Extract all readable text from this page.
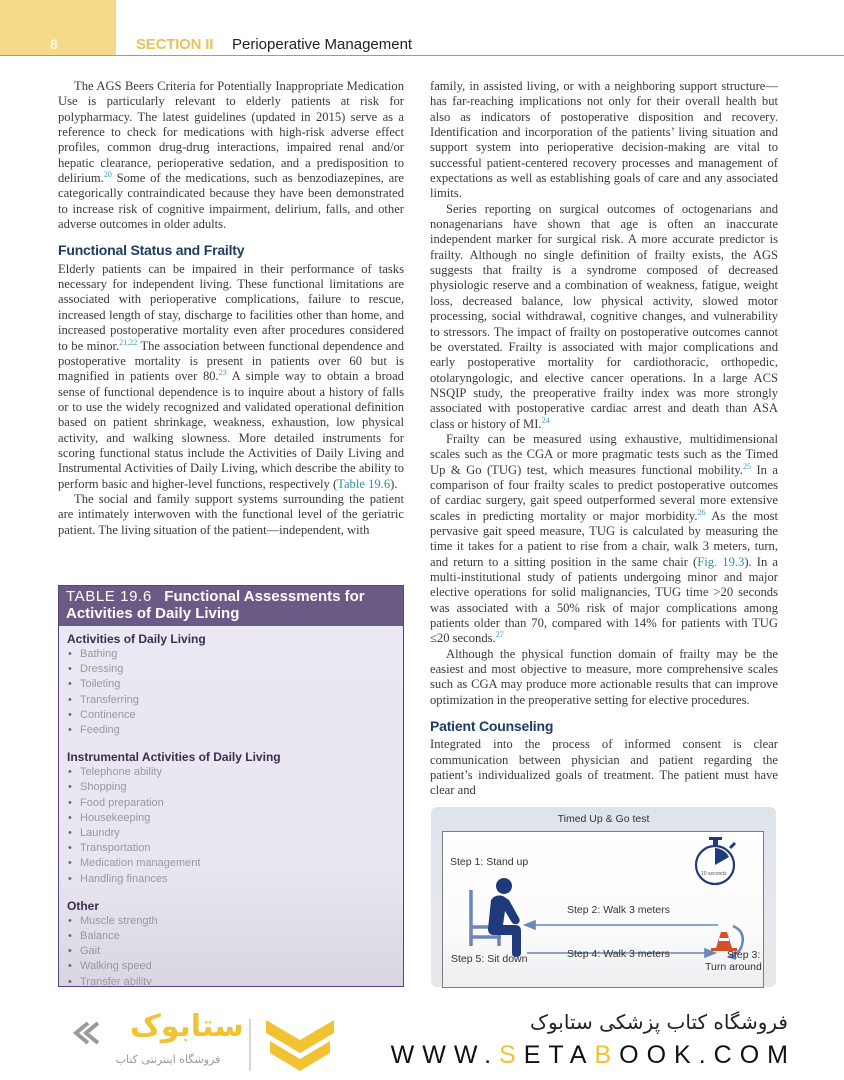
8	SECTION II Perioperative Management

The AGS Beers Criteria for Potentially Inappropriate Medication Use is particularly relevant to elderly patients at risk for polypharmacy. The latest guidelines (updated in 2015) serve as a reference to check for medications with high-risk adverse effect profiles, common drug-drug interactions, impaired renal and/or hepatic clearance, perioperative sedation, and a predisposition to delirium.$^{20}$ Some of the medications, such as benzodiazepines, are categorically contraindicated because they have been demonstrated to increase risk of cognitive impairment, delirium, falls, and other adverse outcomes in older adults.

Functional Status and Frailty

Elderly patients can be impaired in their performance of tasks necessary for independent living. These functional limitations are associated with perioperative complications, failure to rescue, increased length of stay, discharge to facilities other than home, and increased postoperative mortality even after procedures considered to be minor.$^{21,22}$ The association between functional dependence and postoperative mortality is present in patients over 60 but is magnified in patients over 80.23 A simple way to obtain a broad sense of functional dependence is to inquire about a history of falls or to use the widely recognized and validated operational definition based on patient shrinkage, weakness, exhaustion, low physical activity, and walking slowness. More detailed instruments for scoring functional status include the Activities of Daily Living and Instrumental Activities of Daily Living, which describe the ability to perform basic and higher-level functions, respectively (Table 19.6).

The social and family support systems surrounding the patient are intimately interwoven with the functional level of the geriatric patient. The living situation of the patient—independent, with

family, in assisted living, or with a neighboring support structure—has far-reaching implications not only for their overall health but also as indicators of postoperative disposition and recovery. Identification and incorporation of the patients’ living situation and support system into perioperative decision-making are vital to successful patient-centered recovery processes and management of expectations as well as establishing goals of care and any associated limits.

Series reporting on surgical outcomes of octogenarians and nonagenarians have shown that age is often an inaccurate independent marker for surgical risk. A more accurate predictor is frailty. Although no single definition of frailty exists, the AGS suggests that frailty is a syndrome composed of decreased physiologic reserve and a combination of weakness, fatigue, weight loss, decreased balance, low physical activity, slowed motor processing, social withdrawal, cognitive changes, and vulnerability to stressors. The impact of frailty on postoperative outcomes cannot be overstated. Frailty is associated with major complications and early postoperative mortality for cardiothoracic, orthopedic, otolaryngologic, and elective cancer operations. In a large ACS NSQIP study, the preoperative frailty index was more strongly associated with postoperative cardiac arrest and death than ASA class or history of MI.$^{24}$

Frailty can be measured using exhaustive, multidimensional scales such as the CGA or more pragmatic tests such as the Timed Up & Go (TUG) test, which measures functional mobility.$^{25}$ In a comparison of four frailty scales to predict postoperative outcomes of cardiac surgery, gait speed outperformed several more extensive scales in predicting mortality or major morbidity.$^{26}$ As the most pervasive gait speed measure, TUG is calculated by measuring the time it takes for a patient to rise from a chair, walk 3 meters, turn, and return to a sitting position in the same chair (Fig. 19.3). In a multi-institutional study of patients undergoing minor and major elective operations for solid malignancies, TUG time >20 seconds was associated with a 50% risk of major complications among patients older than 70, compared with 14% for patients with TUG ≤20 seconds.$^{27}$

Although the physical function domain of frailty may be the easiest and most objective to measure, more comprehensive scales such as CGA may produce more actionable results that can improve optimization in the preoperative setting for elective procedures.

Patient Counseling

Integrated into the process of informed consent is clear communication between physician and patient regarding the patient’s individualized goals of treatment. The patient must have clear and

TABLE 19.6 Functional Assessments for Activities of Daily Living
Activities of Daily Living
• Bathing
• Dressing
• Toileting
• Transferring
• Continence
• Feeding
Instrumental Activities of Daily Living
• Telephone ability
• Shopping
• Food preparation
• Housekeeping
• Laundry
• Transportation
• Medication management
• Handling finances
Other
• Muscle strength
• Balance
• Gait
• Walking speed
• Transfer ability
Timed Up & Go test
10 seconds
Step 1: Stand up
Step 2: Walk 3 meters
Step 4: Walk 3 meters
Step 5: Sit down	Step 3:
Turn around
ستابوک
فروشگاه اینترنتی کتاب
فروشگاه کتاب پزشکی ستابوک
WWW.SETABOOK.COM
